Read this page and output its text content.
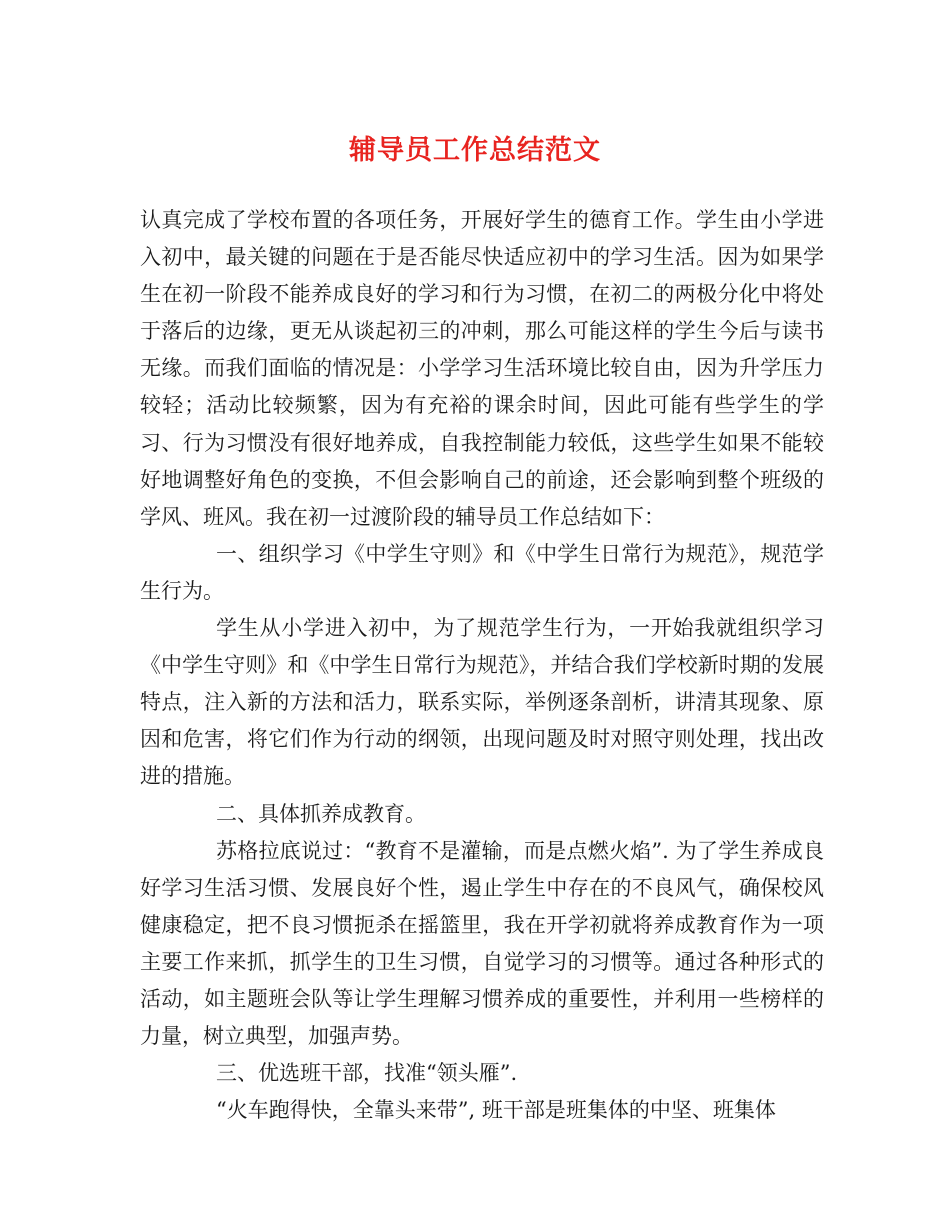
辅导员工作总结范文

认真完成了学校布置的各项任务，开展好学生的德育工作。学生由小学进入初中，最关键的问题在于是否能尽快适应初中的学习生活。因为如果学生在初一阶段不能养成良好的学习和行为习惯，在初二的两极分化中将处于落后的边缘，更无从谈起初三的冲刺，那么可能这样的学生今后与读书无缘。而我们面临的情况是：小学学习生活环境比较自由，因为升学压力较轻；活动比较频繁，因为有充裕的课余时间，因此可能有些学生的学习、行为习惯没有很好地养成，自我控制能力较低，这些学生如果不能较好地调整好角色的变换，不但会影响自己的前途，还会影响到整个班级的学风、班风。我在初一过渡阶段的辅导员工作总结如下：

一、组织学习《中学生守则》和《中学生日常行为规范》，规范学生行为。

学生从小学进入初中，为了规范学生行为，一开始我就组织学习《中学生守则》和《中学生日常行为规范》，并结合我们学校新时期的发展特点，注入新的方法和活力，联系实际，举例逐条剖析，讲清其现象、原因和危害，将它们作为行动的纲领，出现问题及时对照守则处理，找出改进的措施。

二、具体抓养成教育。

苏格拉底说过：“教育不是灌输，而是点燃火焰”. 为了学生养成良好学习生活习惯、发展良好个性，遏止学生中存在的不良风气，确保校风健康稳定，把不良习惯扼杀在摇篮里，我在开学初就将养成教育作为一项主要工作来抓，抓学生的卫生习惯，自觉学习的习惯等。通过各种形式的活动，如主题班会队等让学生理解习惯养成的重要性，并利用一些榜样的力量，树立典型，加强声势。

三、优选班干部，找准“领头雁”.

“火车跑得快，全靠头来带”, 班干部是班集体的中坚、班集体
